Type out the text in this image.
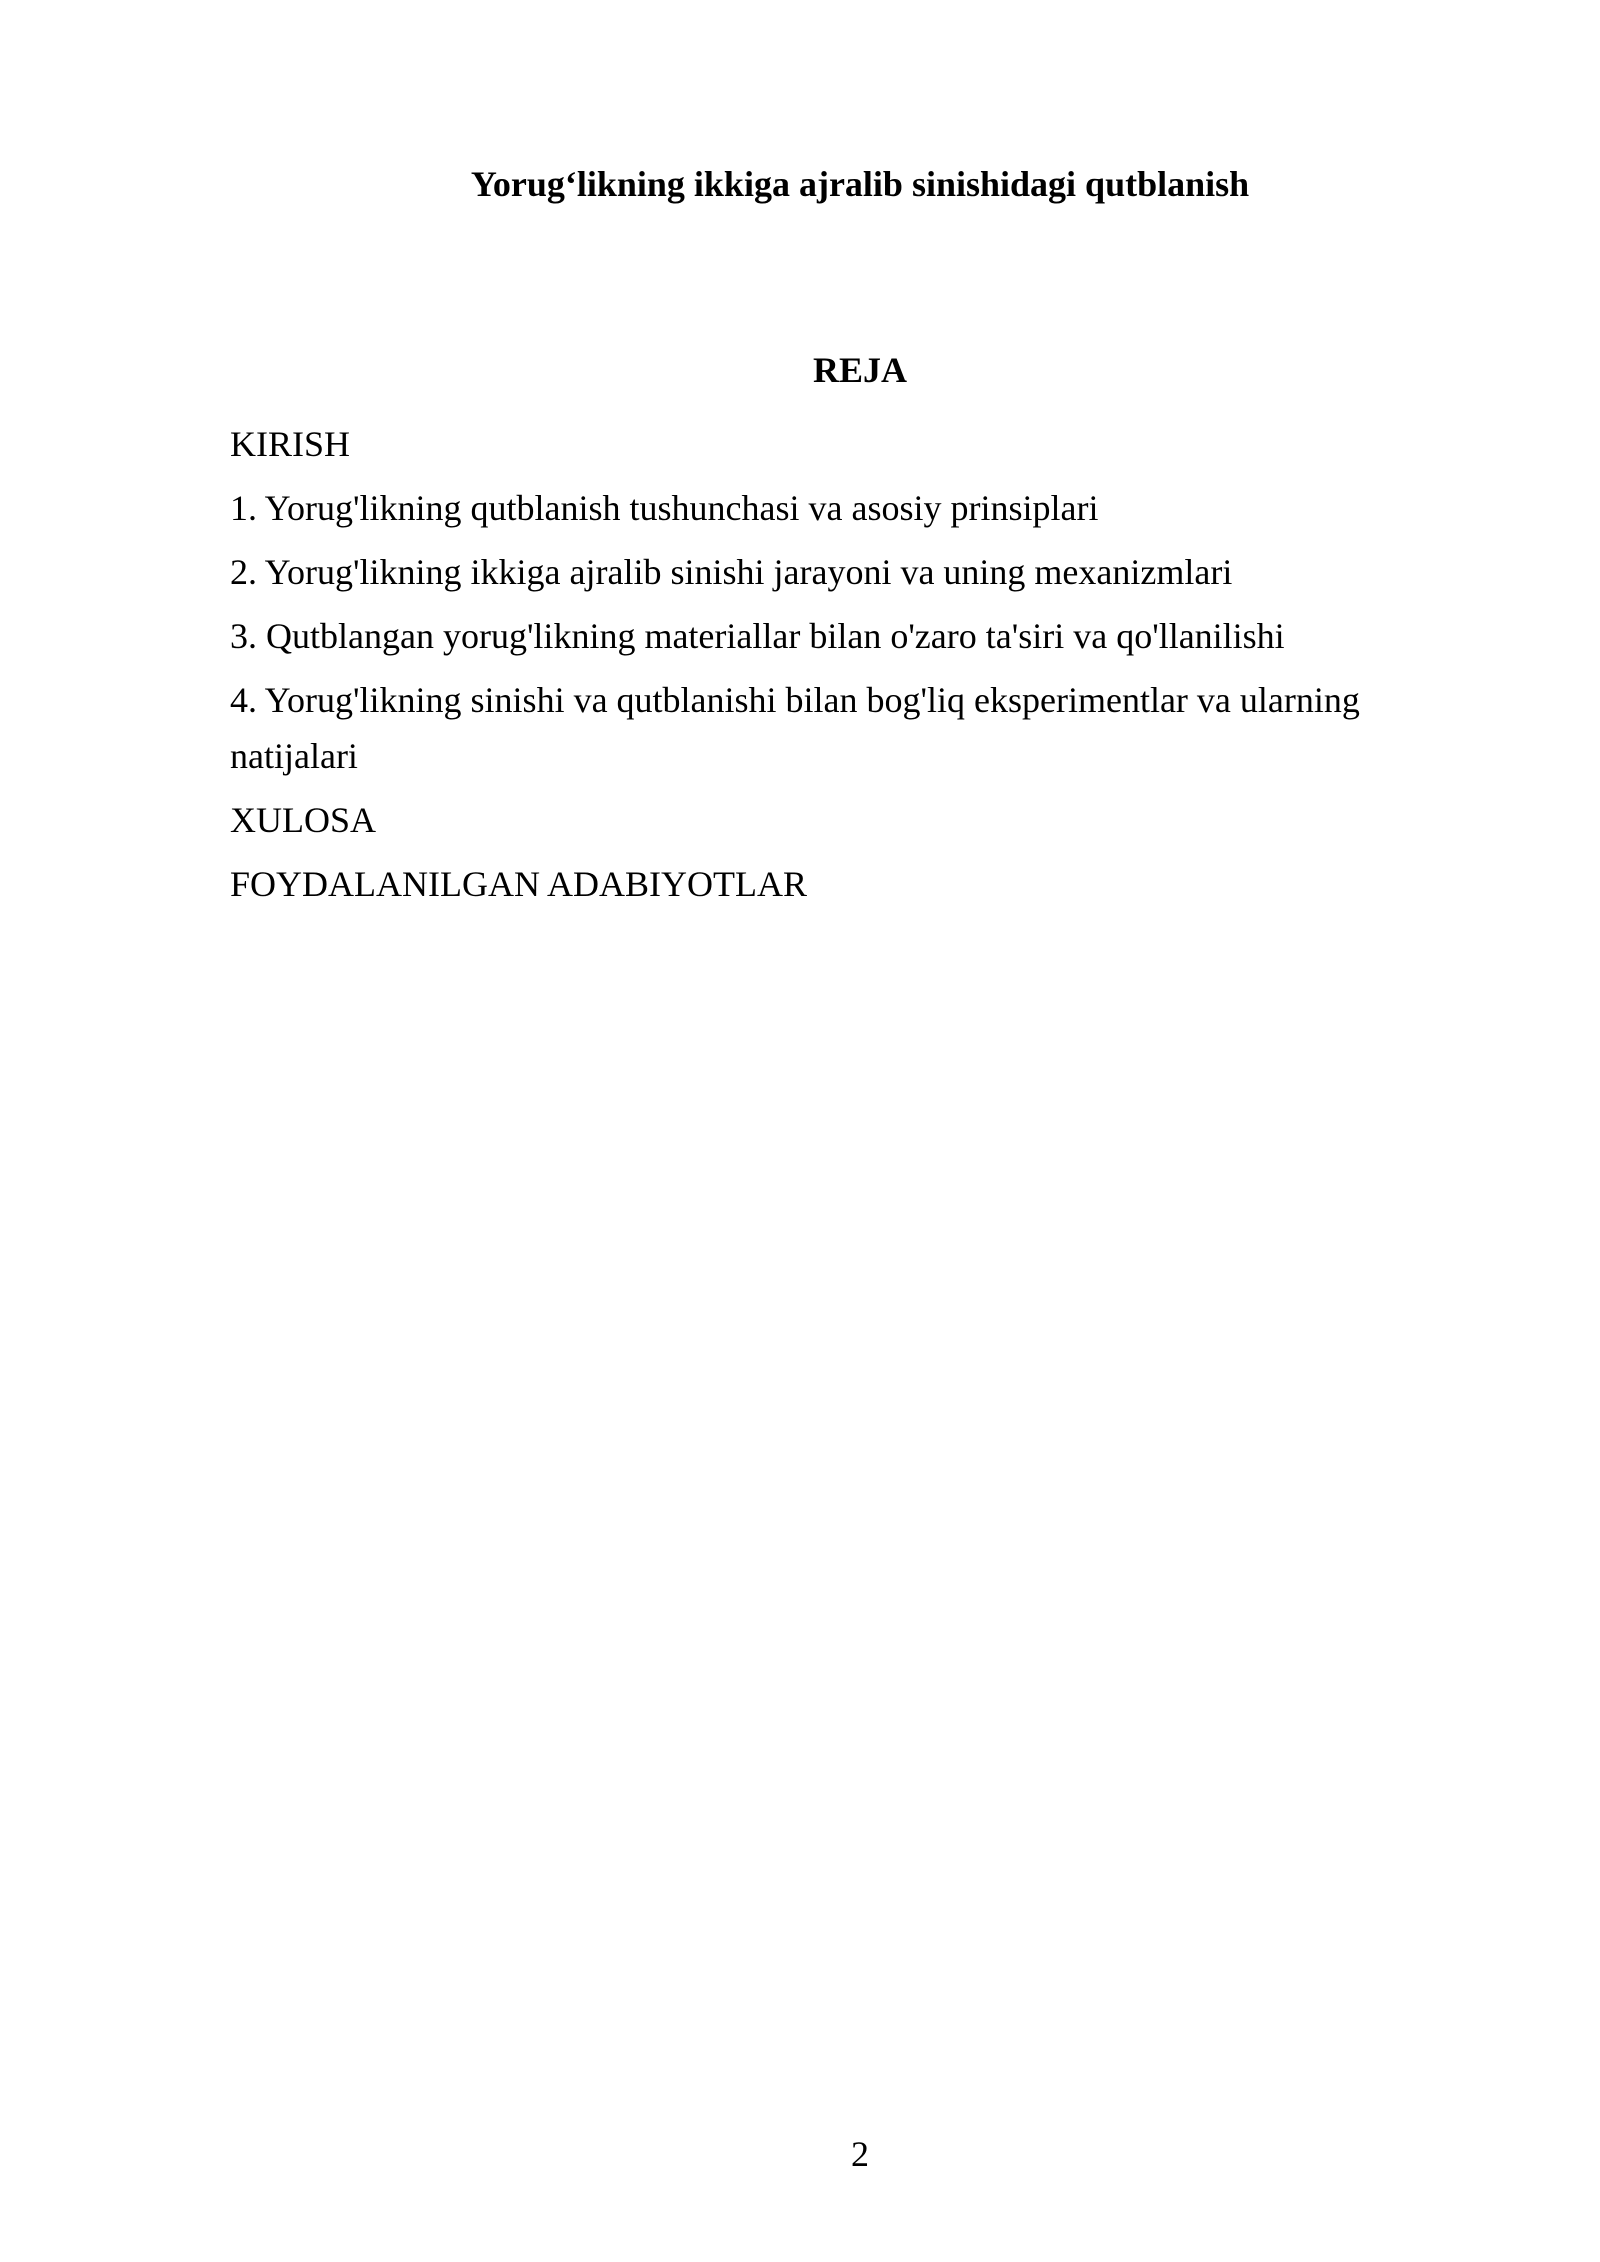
Yorug‘likning ikkiga ajralib sinishidagi qutblanish
REJA
KIRISH
1. Yorug'likning qutblanish tushunchasi va asosiy prinsiplari
2. Yorug'likning ikkiga ajralib sinishi jarayoni va uning mexanizmlari
3. Qutblangan yorug'likning materiallar bilan o'zaro ta'siri va qo'llanilishi
4. Yorug'likning sinishi va qutblanishi bilan bog'liq eksperimentlar va ularning natijalari
XULOSA
FOYDALANILGAN ADABIYOTLAR
2
